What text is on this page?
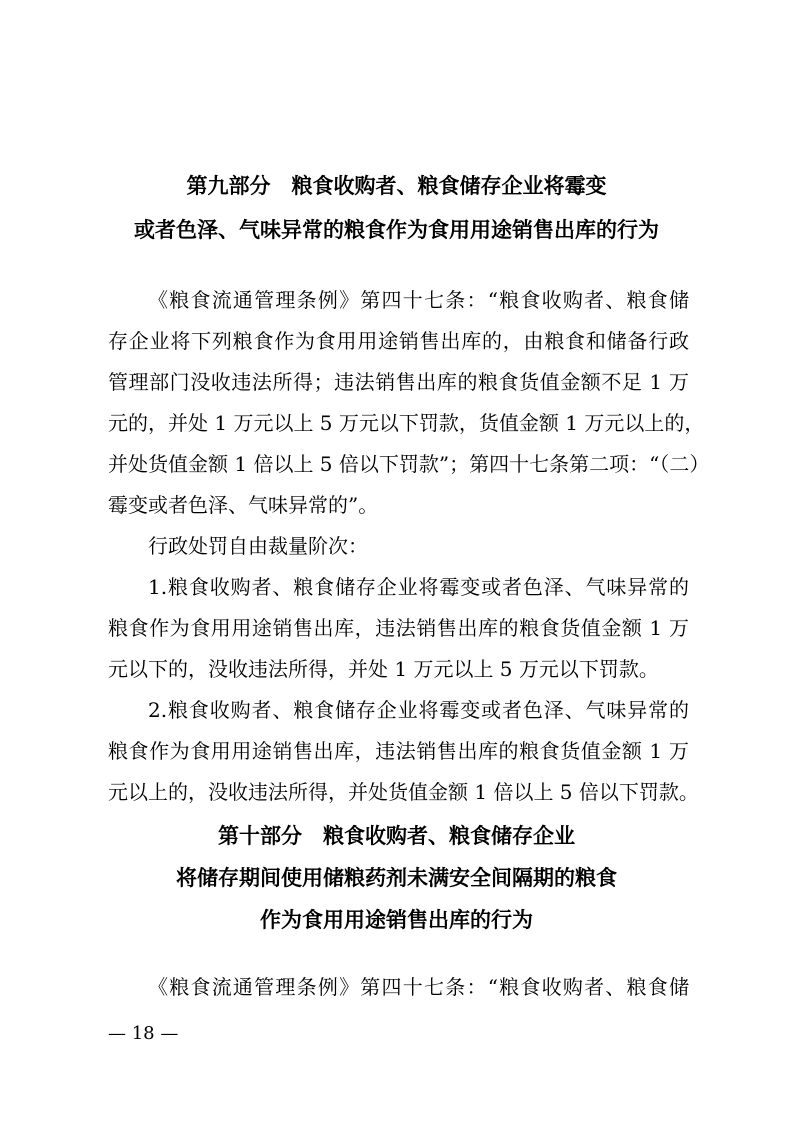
第九部分　粮食收购者、粮食储存企业将霉变
或者色泽、气味异常的粮食作为食用用途销售出库的行为
《粮食流通管理条例》第四十七条：“粮食收购者、粮食储
存企业将下列粮食作为食用用途销售出库的，由粮食和储备行政
管理部门没收违法所得；违法销售出库的粮食货值金额不足 1 万
元的，并处 1 万元以上 5 万元以下罚款，货值金额 1 万元以上的，
并处货值金额 1 倍以上 5 倍以下罚款”；第四十七条第二项：“（二）
霉变或者色泽、气味异常的”。
行政处罚自由裁量阶次：
1.粮食收购者、粮食储存企业将霉变或者色泽、气味异常的
粮食作为食用用途销售出库，违法销售出库的粮食货值金额 1 万
元以下的，没收违法所得，并处 1 万元以上 5 万元以下罚款。
2.粮食收购者、粮食储存企业将霉变或者色泽、气味异常的
粮食作为食用用途销售出库，违法销售出库的粮食货值金额 1 万
元以上的，没收违法所得，并处货值金额 1 倍以上 5 倍以下罚款。
第十部分　粮食收购者、粮食储存企业
将储存期间使用储粮药剂未满安全间隔期的粮食
作为食用用途销售出库的行为
《粮食流通管理条例》第四十七条：“粮食收购者、粮食储
— 18 —
